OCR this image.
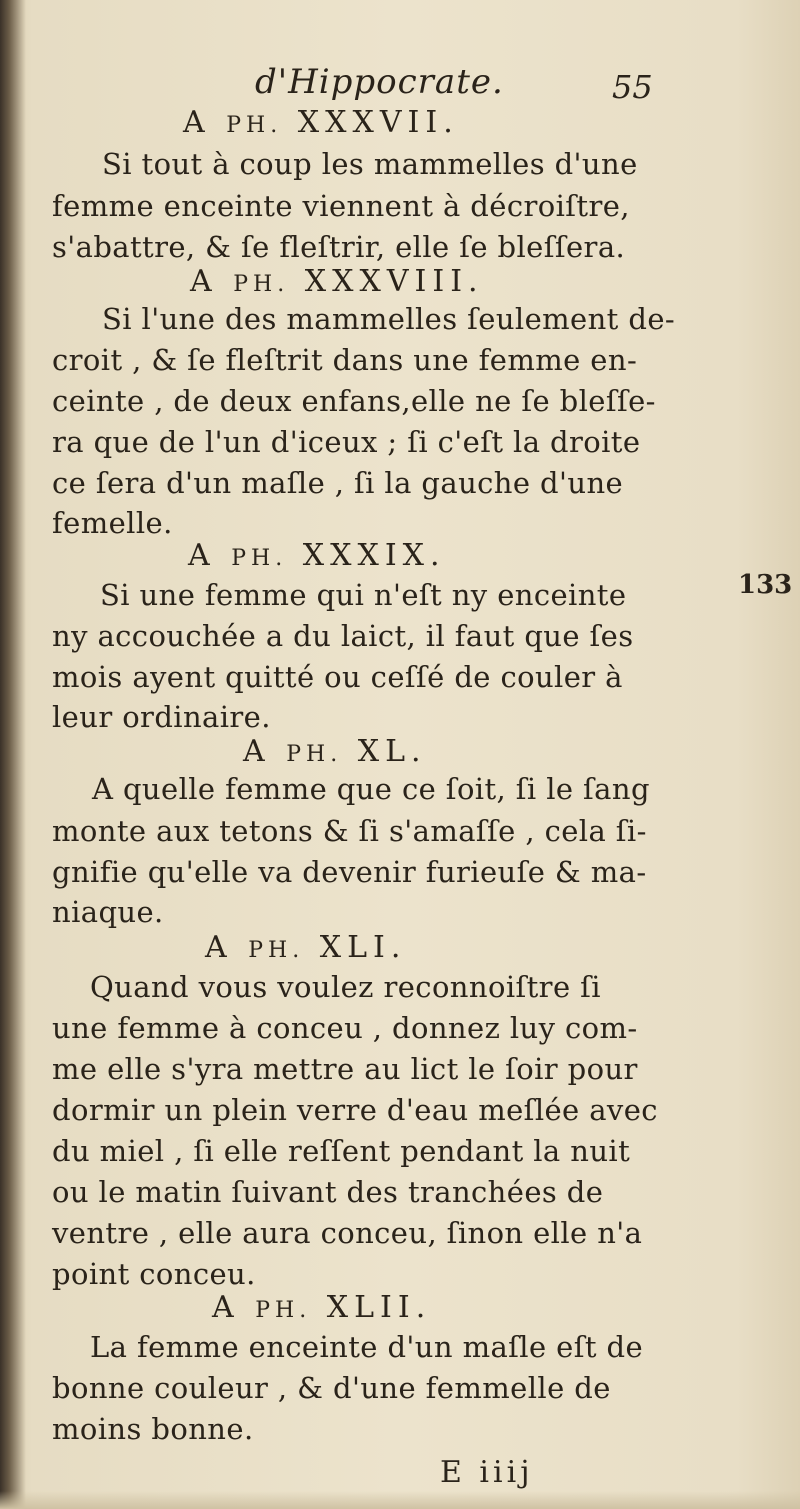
d'Hippocrate.	55
A PH. XXXVII.
Si tout à coup les mammelles d'une
femme enceinte viennent à décroiſtre,
s'abattre, & ſe fleſtrir, elle ſe bleſſera.
A PH. XXXVIII.
Si l'une des mammelles ſeulement de-
croit , & ſe fleſtrit dans une femme en-
ceinte , de deux enfans,elle ne ſe bleſſe-
ra que de l'un d'iceux ; ſi c'eſt la droite
ce ſera d'un maſle , ſi la gauche d'une
femelle.
A PH. XXXIX.
Si une femme qui n'eſt ny enceinte
ny accouchée a du laict, il faut que ſes
mois ayent quitté ou ceſſé de couler à
leur ordinaire.
133
A PH. XL.
A quelle femme que ce ſoit, ſi le ſang
monte aux tetons & ſi s'amaſſe , cela ſi-
gnifie qu'elle va devenir furieuſe & ma-
niaque.
A PH. XLI.
Quand vous voulez reconnoiſtre ſi
une femme à conceu , donnez luy com-
me elle s'yra mettre au lict le ſoir pour
dormir un plein verre d'eau meſlée avec
du miel , ſi elle reſſent pendant la nuit
ou le matin ſuivant des tranchées de
ventre , elle aura conceu, ſinon elle n'a
point conceu.
A PH. XLII.
La femme enceinte d'un maſle eſt de
bonne couleur , & d'une femmelle de
moins bonne.
E iiij
